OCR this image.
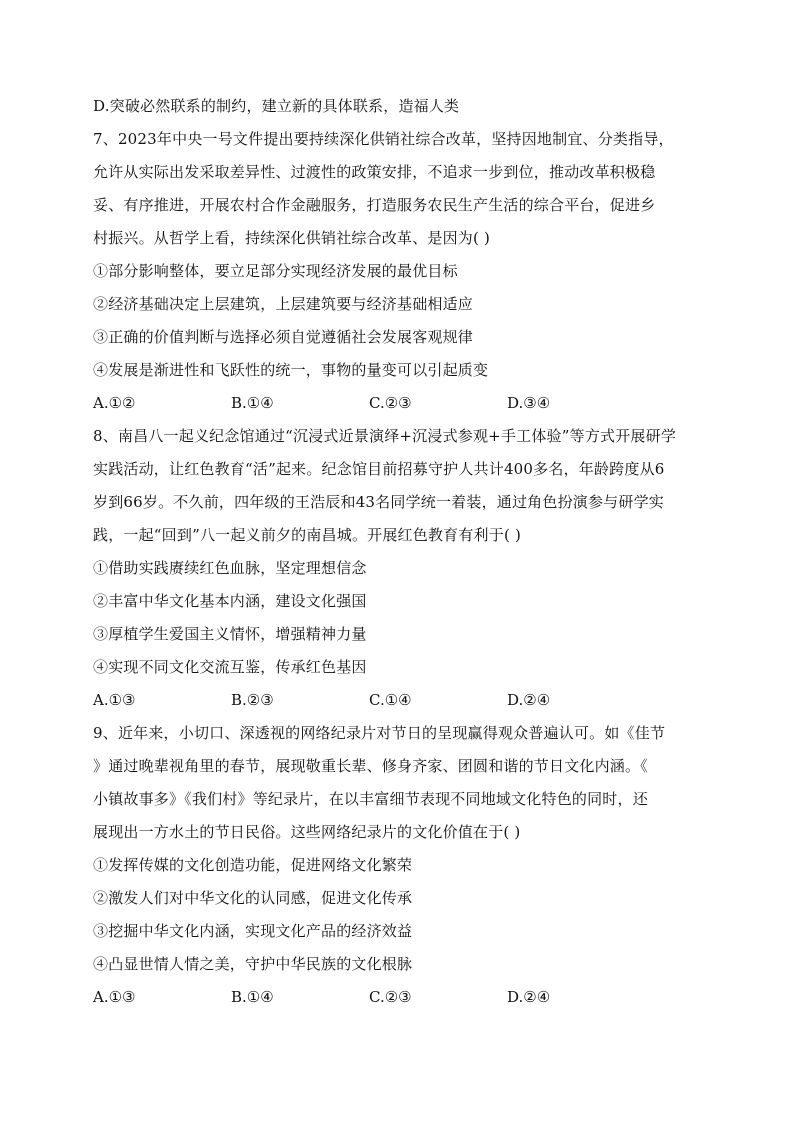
D.突破必然联系的制约，建立新的具体联系，造福人类
7、2023年中央一号文件提出要持续深化供销社综合改革，坚持因地制宜、分类指导，
允许从实际出发采取差异性、过渡性的政策安排，不追求一步到位，推动改革积极稳
妥、有序推进，开展农村合作金融服务，打造服务农民生产生活的综合平台，促进乡
村振兴。从哲学上看，持续深化供销社综合改革、是因为( )
①部分影响整体，要立足部分实现经济发展的最优目标
②经济基础决定上层建筑，上层建筑要与经济基础相适应
③正确的价值判断与选择必须自觉遵循社会发展客观规律
④发展是渐进性和飞跃性的统一，事物的量变可以引起质变
A.①②	B.①④	C.②③	D.③④
8、南昌八一起义纪念馆通过“沉浸式近景演绎+沉浸式参观+手工体验”等方式开展研学
实践活动，让红色教育“活”起来。纪念馆目前招募守护人共计400多名，年龄跨度从6
岁到66岁。不久前，四年级的王浩辰和43名同学统一着装，通过角色扮演参与研学实
践，一起“回到”八一起义前夕的南昌城。开展红色教育有利于( )
①借助实践赓续红色血脉，坚定理想信念
②丰富中华文化基本内涵，建设文化强国
③厚植学生爱国主义情怀，增强精神力量
④实现不同文化交流互鉴，传承红色基因
A.①③	B.②③	C.①④	D.②④
9、近年来，小切口、深透视的网络纪录片对节日的呈现赢得观众普遍认可。如《佳节
》通过晚辈视角里的春节，展现敬重长辈、修身齐家、团圆和谐的节日文化内涵。《
小镇故事多》《我们村》等纪录片，在以丰富细节表现不同地域文化特色的同时，还
展现出一方水土的节日民俗。这些网络纪录片的文化价值在于( )
①发挥传媒的文化创造功能，促进网络文化繁荣
②激发人们对中华文化的认同感，促进文化传承
③挖掘中华文化内涵，实现文化产品的经济效益
④凸显世情人情之美，守护中华民族的文化根脉
A.①③	B.①④	C.②③	D.②④
